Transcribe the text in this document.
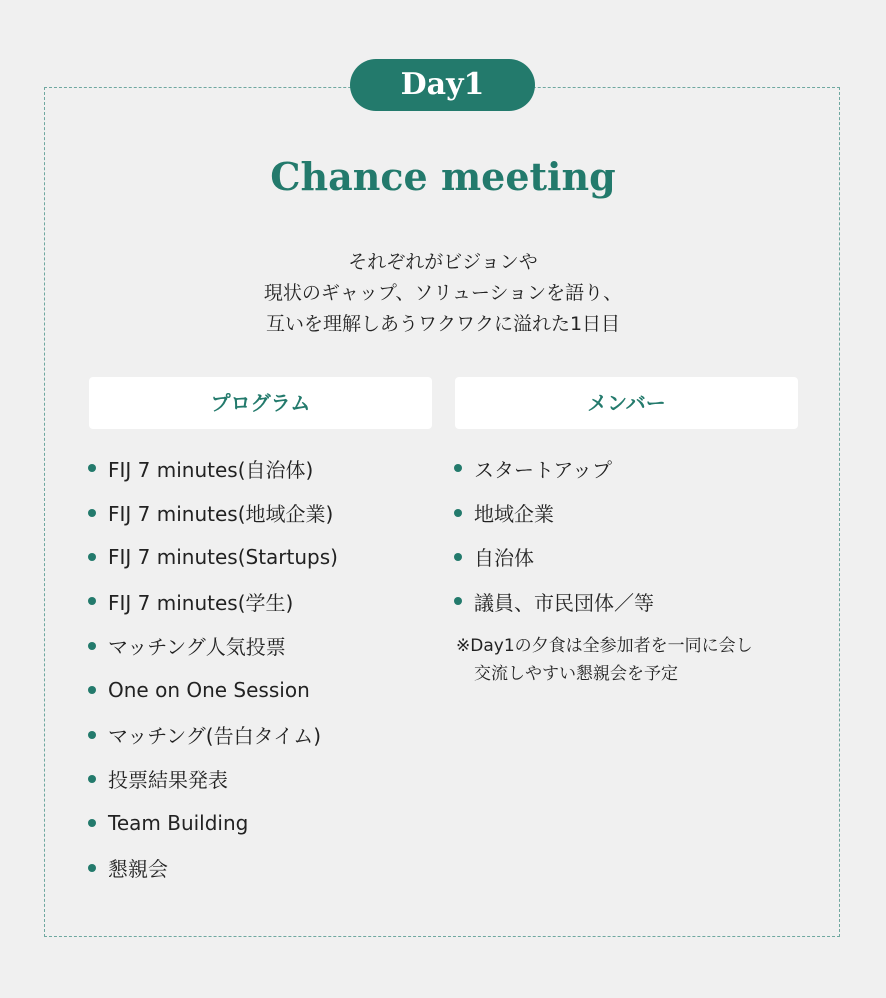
Day1
Chance meeting
それぞれがビジョンや
現状のギャップ、ソリューションを語り、
互いを理解しあうワクワクに溢れた1日目
プログラム	メンバー
FIJ 7 minutes(自治体)
FIJ 7 minutes(地域企業)
FIJ 7 minutes(Startups)
FIJ 7 minutes(学生)
マッチング人気投票
One on One Session
マッチング(告白タイム)
投票結果発表
Team Building
懇親会
スタートアップ
地域企業
自治体
議員、市民団体／等
※Day1の夕食は全参加者を一同に会し
交流しやすい懇親会を予定
